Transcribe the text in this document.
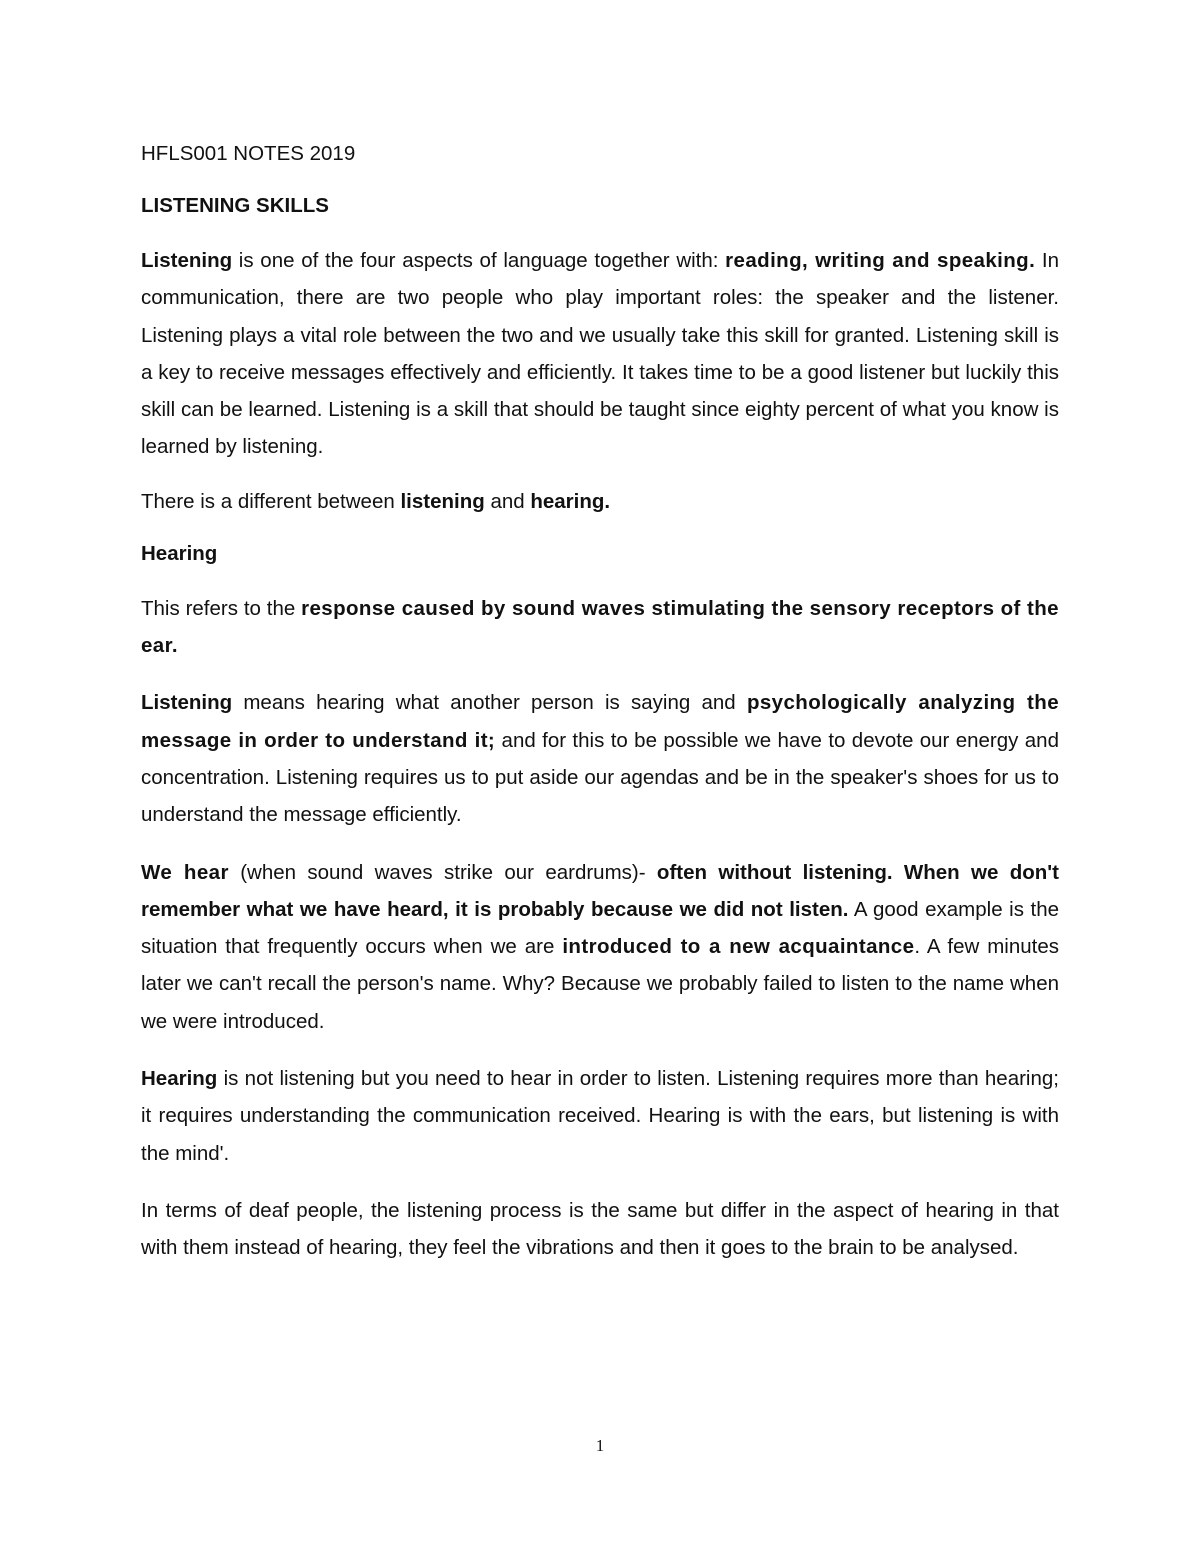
HFLS001 NOTES 2019
LISTENING SKILLS

Listening is one of the four aspects of language together with: reading, writing and speaking. In communication, there are two people who play important roles: the speaker and the listener. Listening plays a vital role between the two and we usually take this skill for granted. Listening skill is a key to receive messages effectively and efficiently. It takes time to be a good listener but luckily this skill can be learned. Listening is a skill that should be taught since eighty percent of what you know is learned by listening.

There is a different between listening and hearing.

Hearing

This refers to the response caused by sound waves stimulating the sensory receptors of the ear.

Listening means hearing what another person is saying and psychologically analyzing the message in order to understand it; and for this to be possible we have to devote our energy and concentration. Listening requires us to put aside our agendas and be in the speaker's shoes for us to understand the message efficiently.

We hear (when sound waves strike our eardrums)- often without listening. When we don't remember what we have heard, it is probably because we did not listen. A good example is the situation that frequently occurs when we are introduced to a new acquaintance. A few minutes later we can't recall the person's name. Why? Because we probably failed to listen to the name when we were introduced.

Hearing is not listening but you need to hear in order to listen. Listening requires more than hearing; it requires understanding the communication received. Hearing is with the ears, but listening is with the mind'.

In terms of deaf people, the listening process is the same but differ in the aspect of hearing in that with them instead of hearing, they feel the vibrations and then it goes to the brain to be analysed.

1
